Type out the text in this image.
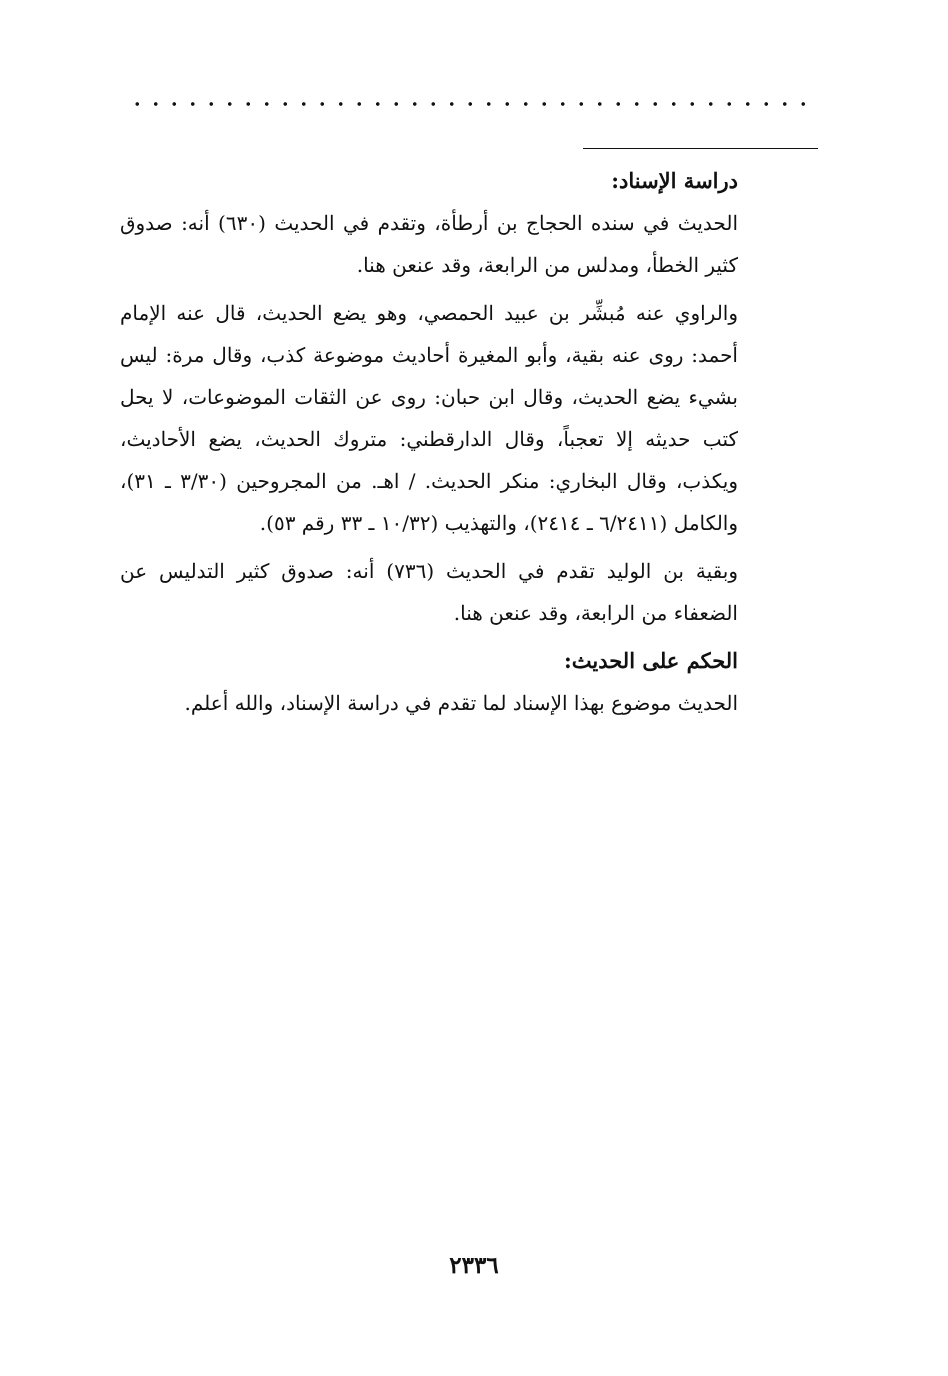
دراسة الإسناد:

الحديث في سنده الحجاج بن أرطأة، وتقدم في الحديث (٦٣٠) أنه: صدوق كثير الخطأ، ومدلس من الرابعة، وقد عنعن هنا.

والراوي عنه مُبشِّر بن عبيد الحمصي، وهو يضع الحديث، قال عنه الإمام أحمد: روى عنه بقية، وأبو المغيرة أحاديث موضوعة كذب، وقال مرة: ليس بشيء يضع الحديث، وقال ابن حبان: روى عن الثقات الموضوعات، لا يحل كتب حديثه إلا تعجباً، وقال الدارقطني: متروك الحديث، يضع الأحاديث، ويكذب، وقال البخاري: منكر الحديث. / اهـ. من المجروحين (٣/٣٠ ـ ٣١)، والكامل (٦/٢٤١١ ـ ٢٤١٤)، والتهذيب (١٠/٣٢ ـ ٣٣ رقم ٥٣).

وبقية بن الوليد تقدم في الحديث (٧٣٦) أنه: صدوق كثير التدليس عن الضعفاء من الرابعة، وقد عنعن هنا.

الحكم على الحديث:

الحديث موضوع بهذا الإسناد لما تقدم في دراسة الإسناد، والله أعلم.

٢٣٣٦
